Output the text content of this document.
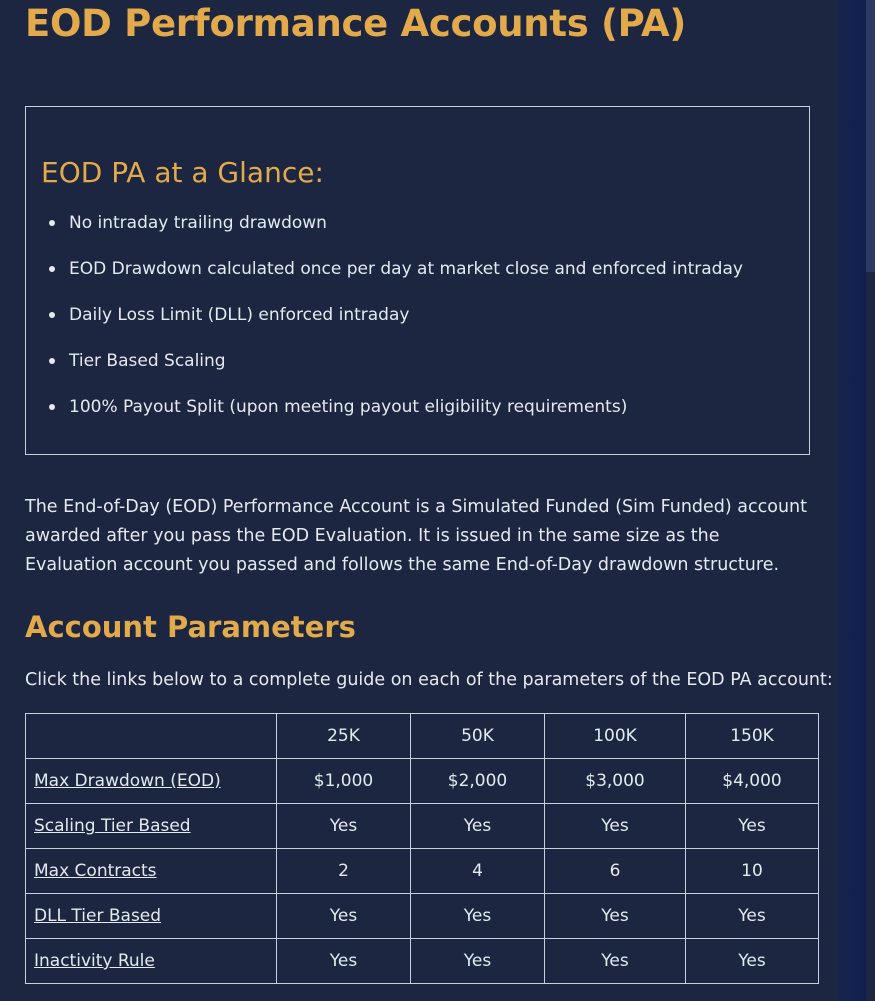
EOD Performance Accounts (PA)
EOD PA at a Glance:
No intraday trailing drawdown
EOD Drawdown calculated once per day at market close and enforced intraday
Daily Loss Limit (DLL) enforced intraday
Tier Based Scaling
100% Payout Split (upon meeting payout eligibility requirements)

The End-of-Day (EOD) Performance Account is a Simulated Funded (Sim Funded) account awarded after you pass the EOD Evaluation. It is issued in the same size as the Evaluation account you passed and follows the same End-of-Day drawdown structure.

Account Parameters

Click the links below to a complete guide on each of the parameters of the EOD PA account:

	25K	50K	100K	150K
Max Drawdown (EOD)	$1,000	$2,000	$3,000	$4,000
Scaling Tier Based	Yes	Yes	Yes	Yes
Max Contracts	2	4	6	10
DLL Tier Based	Yes	Yes	Yes	Yes
Inactivity Rule	Yes	Yes	Yes	Yes
